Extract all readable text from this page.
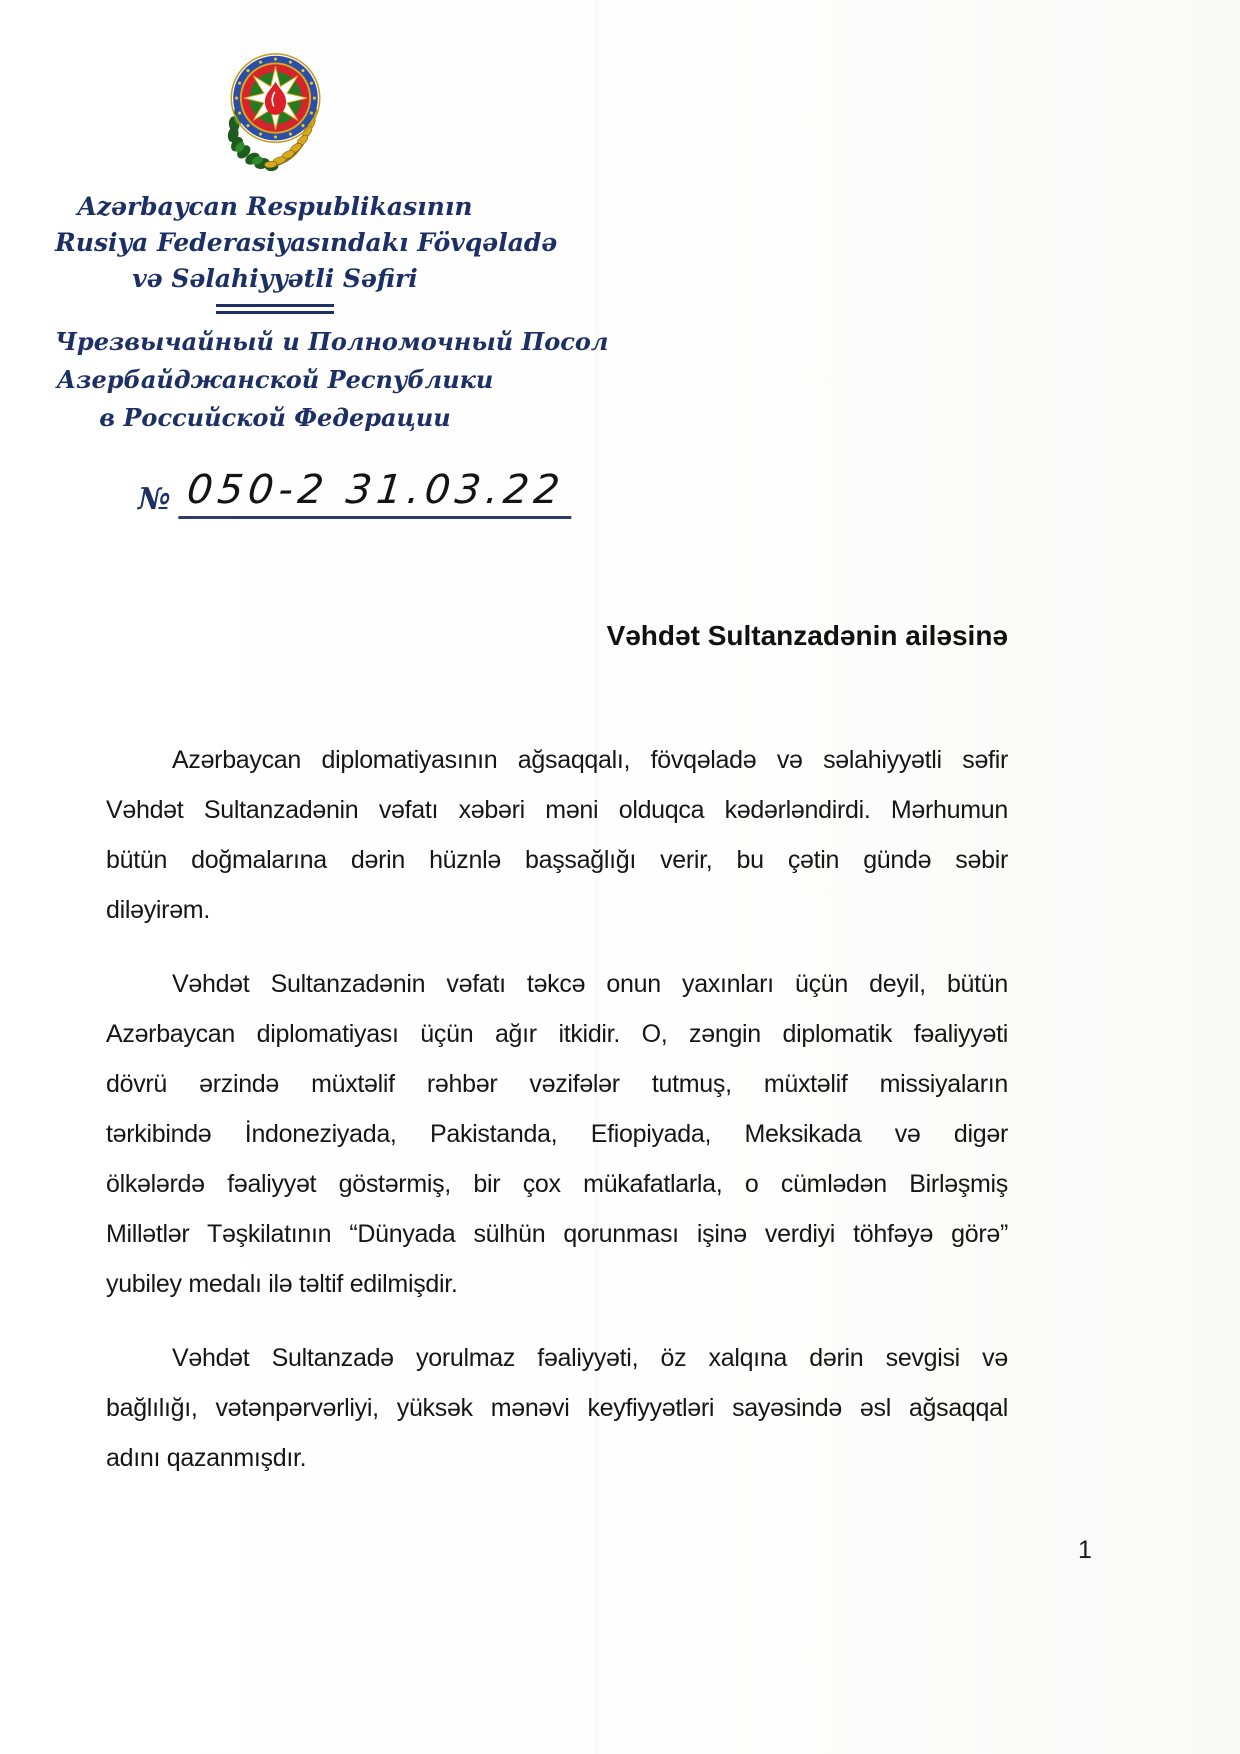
Azərbaycan Respublikasının
Rusiya Federasiyasındakı Fövqəladə
və Səlahiyyətli Səfiri
Чрезвычайный и Полномочный Посол
Азербайджанской Республики
в Российской Федерации
№ 050-2 31.03.22
Vəhdət Sultanzadənin ailəsinə
Azərbaycan diplomatiyasının ağsaqqalı, fövqəladə və səlahiyyətli səfir
Vəhdət Sultanzadənin vəfatı xəbəri məni olduqca kədərləndirdi. Mərhumun
bütün doğmalarına dərin hüznlə başsağlığı verir, bu çətin gündə səbir
diləyirəm.
Vəhdət Sultanzadənin vəfatı təkcə onun yaxınları üçün deyil, bütün
Azərbaycan diplomatiyası üçün ağır itkidir. O, zəngin diplomatik fəaliyyəti
dövrü ərzində müxtəlif rəhbər vəzifələr tutmuş, müxtəlif missiyaların
tərkibində İndoneziyada, Pakistanda, Efiopiyada, Meksikada və digər
ölkələrdə fəaliyyət göstərmiş, bir çox mükafatlarla, o cümlədən Birləşmiş
Millətlər Təşkilatının “Dünyada sülhün qorunması işinə verdiyi töhfəyə görə”
yubiley medalı ilə təltif edilmişdir.
Vəhdət Sultanzadə yorulmaz fəaliyyəti, öz xalqına dərin sevgisi və
bağlılığı, vətənpərvərliyi, yüksək mənəvi keyfiyyətləri sayəsində əsl ağsaqqal
adını qazanmışdır.
1
